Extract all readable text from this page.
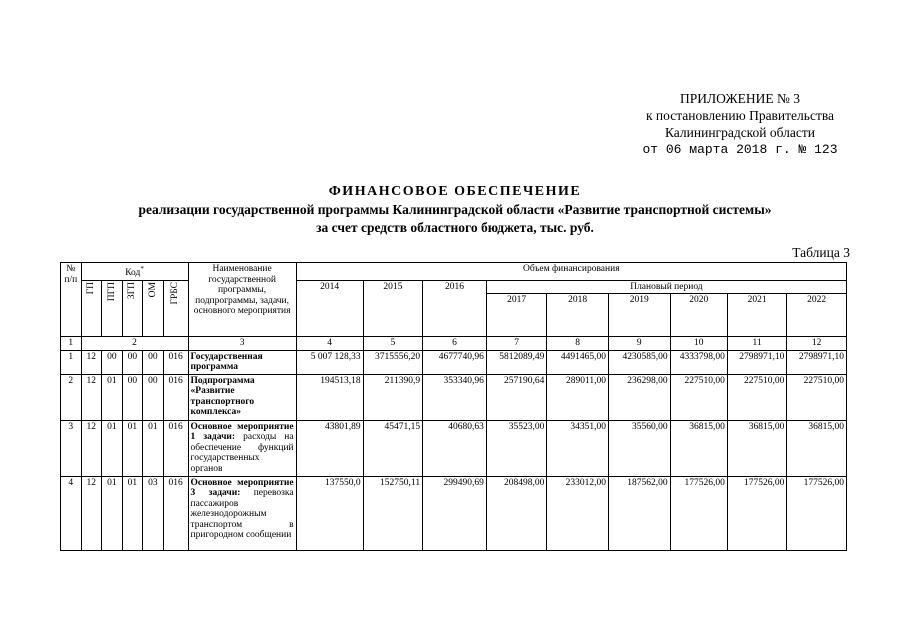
ПРИЛОЖЕНИЕ № 3
к постановлению Правительства
Калининградской области
от 06 марта 2018 г. № 123
ФИНАНСОВОЕ ОБЕСПЕЧЕНИЕ
реализации государственной программы Калининградской области «Развитие транспортной системы»
за счет средств областного бюджета, тыс. руб.
Таблица 3
№ п/п	Код*					Наименование государственной программы, подпрограммы, задачи, основного мероприятия	Объем финансирования								

	ГП	ПГП	ЗГП	ОМ	ГРБС		2014	2015	2016	Плановый период					
										2017	2018	2019	2020	2021	2022
1	2					3	4	5	6	7	8	9	10	11	12
1	12	00	00	00	016	Государственная программа	5 007 128,33	3715556,20	4677740,96	5812089,49	4491465,00	4230585,00	4333798,00	2798971,10	2798971,10
2	12	01	00	00	016	Подпрограмма «Развитие транспортного комплекса»	194513,18	211390,9	353340,96	257190,64	289011,00	236298,00	227510,00	227510,00	227510,00
3	12	01	01	01	016	Основное мероприятие 1 задачи: расходы на обеспечение функций государственных органов	43801,89	45471,15	40680,63	35523,00	34351,00	35560,00	36815,00	36815,00	36815,00
4	12	01	01	03	016	Основное мероприятие 3 задачи: перевозка пассажиров железнодорожным транспортом в пригородном сообщении	137550,0	152750,11	299490,69	208498,00	233012,00	187562,00	177526,00	177526,00	177526,00
